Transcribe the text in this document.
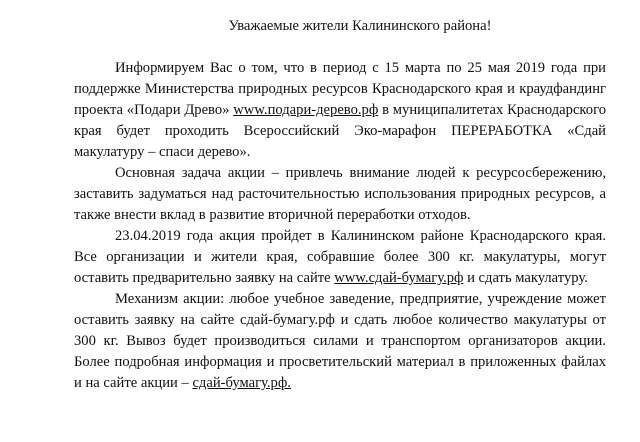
Уважаемые жители Калининского района!

Информируем Вас о том, что в период с 15 марта по 25 мая 2019 года при поддержке Министерства природных ресурсов Краснодарского края и краудфандинг проекта «Подари Древо» www.подари-дерево.рф в муниципалитетах Краснодарского края будет проходить Всероссийский Эко-марафон ПЕРЕРАБОТКА «Сдай макулатуру – спаси дерево».

Основная задача акции – привлечь внимание людей к ресурсосбережению, заставить задуматься над расточительностью использования природных ресурсов, а также внести вклад в развитие вторичной переработки отходов.

23.04.2019 года акция пройдет в Калининском районе Краснодарского края. Все организации и жители края, собравшие более 300 кг. макулатуры, могут оставить предварительно заявку на сайте www.сдай-бумагу.рф и сдать макулатуру.

Механизм акции: любое учебное заведение, предприятие, учреждение может оставить заявку на сайте сдай-бумагу.рф и сдать любое количество макулатуры от 300 кг. Вывоз будет производиться силами и транспортом организаторов акции. Более подробная информация и просветительский материал в приложенных файлах и на сайте акции – сдай-бумагу.рф.
